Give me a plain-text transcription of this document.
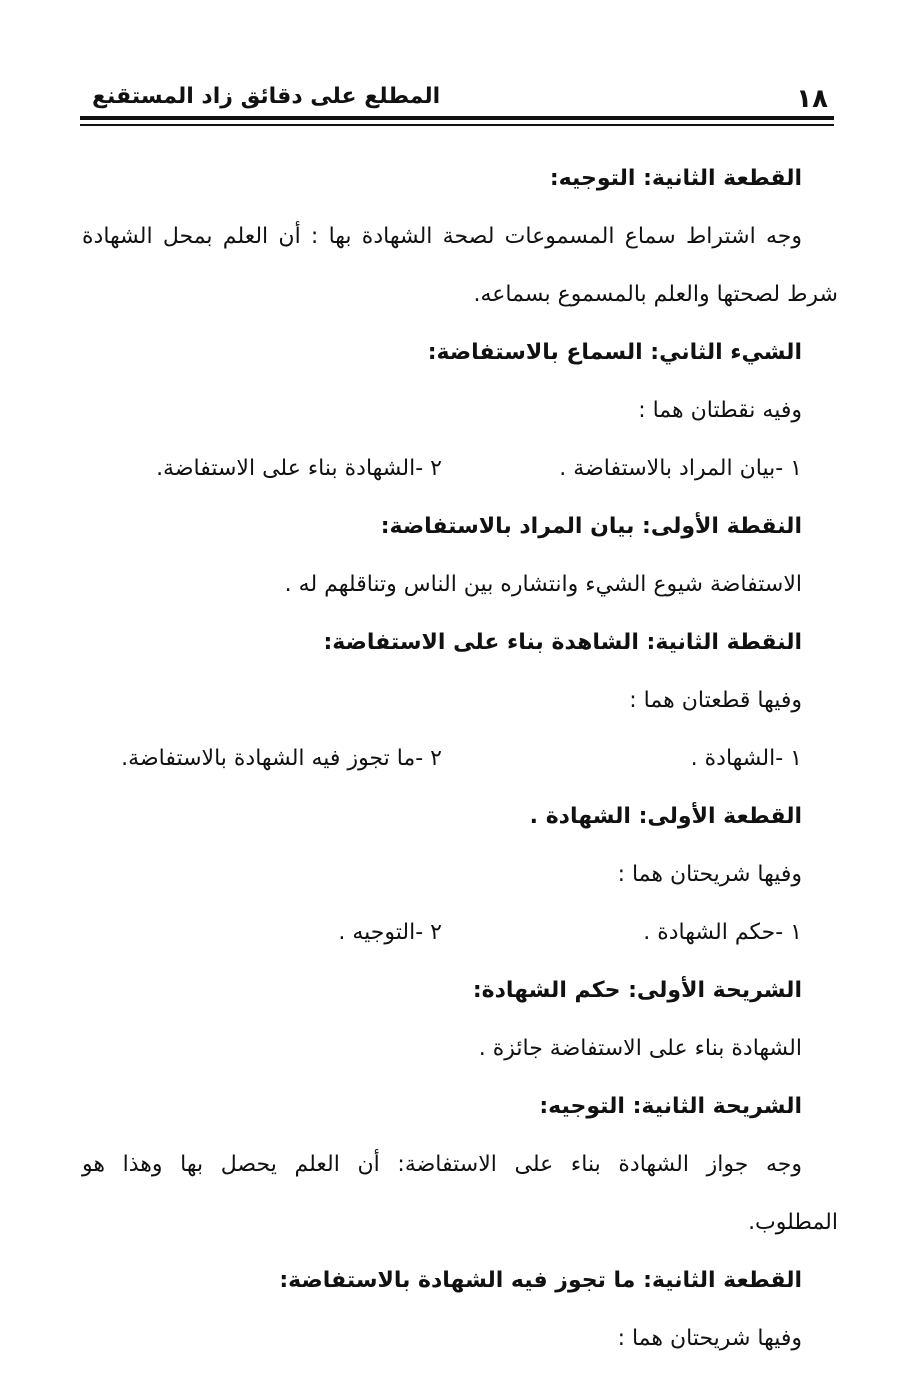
١٨
المطلع على دقائق زاد المستقنع

القطعة الثانية: التوجيه:

وجه اشتراط سماع المسموعات لصحة الشهادة بها : أن العلم بمحل الشهادة

شرط لصحتها والعلم بالمسموع بسماعه.

الشيء الثاني: السماع بالاستفاضة:

وفيه نقطتان هما :

١ -بيان المراد بالاستفاضة .
٢ -الشهادة بناء على الاستفاضة.

النقطة الأولى: بيان المراد بالاستفاضة:

الاستفاضة شيوع الشيء وانتشاره بين الناس وتناقلهم له .

النقطة الثانية: الشاهدة بناء على الاستفاضة:

وفيها قطعتان هما :

١ -الشهادة .
٢ -ما تجوز فيه الشهادة بالاستفاضة.

القطعة الأولى: الشهادة .

وفيها شريحتان هما :

١ -حكم الشهادة .
٢ -التوجيه .

الشريحة الأولى: حكم الشهادة:

الشهادة بناء على الاستفاضة جائزة .

الشريحة الثانية: التوجيه:

وجه جواز الشهادة بناء على الاستفاضة: أن العلم يحصل بها وهذا هو

المطلوب.

القطعة الثانية: ما تجوز فيه الشهادة بالاستفاضة:

وفيها شريحتان هما :
